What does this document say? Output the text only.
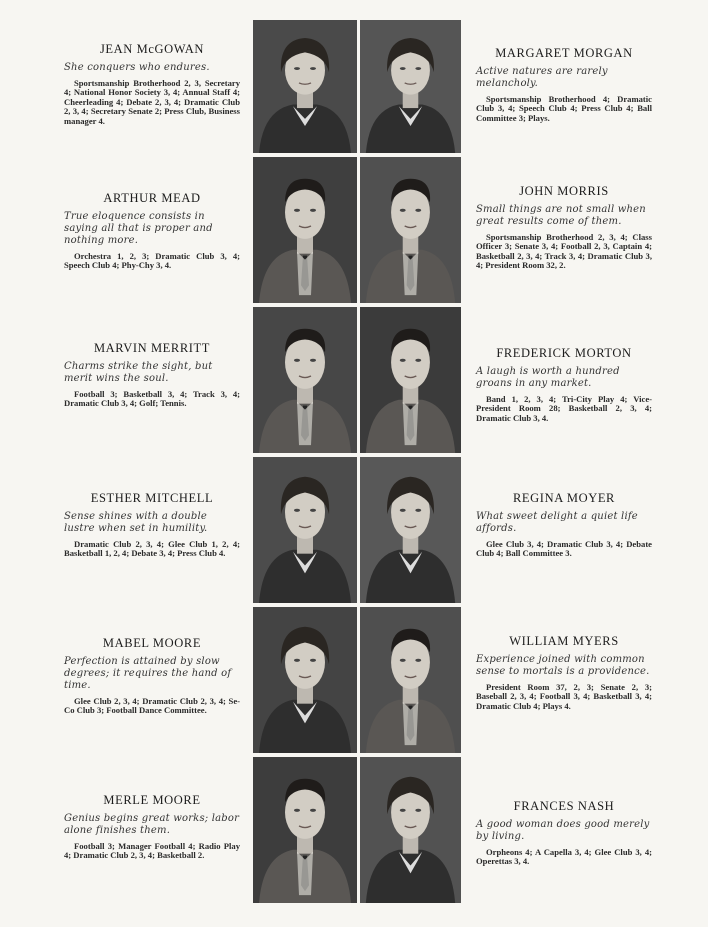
JEAN McGOWAN
She conquers who endures.
Sportsmanship Brotherhood 2, 3, Secretary 4; National Honor Society 3, 4; Annual Staff 4; Cheerleading 4; Debate 2, 3, 4; Dramatic Club 2, 3, 4; Secretary Senate 2; Press Club, Business manager 4.
MARGARET MORGAN
Active natures are rarely melancholy.
Sportsmanship Brotherhood 4; Dramatic Club 3, 4; Speech Club 4; Press Club 4; Ball Committee 3; Plays.
ARTHUR MEAD
True eloquence consists in saying all that is proper and nothing more.
Orchestra 1, 2, 3; Dramatic Club 3, 4; Speech Club 4; Phy-Chy 3, 4.
JOHN MORRIS
Small things are not small when great results come of them.
Sportsmanship Brotherhood 2, 3, 4; Class Officer 3; Senate 3, 4; Football 2, 3, Captain 4; Basketball 2, 3, 4; Track 3, 4; Dramatic Club 3, 4; President Room 32, 2.
MARVIN MERRITT
Charms strike the sight, but merit wins the soul.
Football 3; Basketball 3, 4; Track 3, 4; Dramatic Club 3, 4; Golf; Tennis.
FREDERICK MORTON
A laugh is worth a hundred groans in any market.
Band 1, 2, 3, 4; Tri-City Play 4; Vice-President Room 28; Basketball 2, 3, 4; Dramatic Club 3, 4.
ESTHER MITCHELL
Sense shines with a double lustre when set in humility.
Dramatic Club 2, 3, 4; Glee Club 1, 2, 4; Basketball 1, 2, 4; Debate 3, 4; Press Club 4.
REGINA MOYER
What sweet delight a quiet life affords.
Glee Club 3, 4; Dramatic Club 3, 4; Debate Club 4; Ball Committee 3.
MABEL MOORE
Perfection is attained by slow degrees; it requires the hand of time.
Glee Club 2, 3, 4; Dramatic Club 2, 3, 4; Se-Co Club 3; Football Dance Committee.
WILLIAM MYERS
Experience joined with common sense to mortals is a providence.
President Room 37, 2, 3; Senate 2, 3; Baseball 2, 3, 4; Football 3, 4; Basketball 3, 4; Dramatic Club 4; Plays 4.
MERLE MOORE
Genius begins great works; labor alone finishes them.
Football 3; Manager Football 4; Radio Play 4; Dramatic Club 2, 3, 4; Basketball 2.
FRANCES NASH
A good woman does good merely by living.
Orpheons 4; A Capella 3, 4; Glee Club 3, 4; Operettas 3, 4.
